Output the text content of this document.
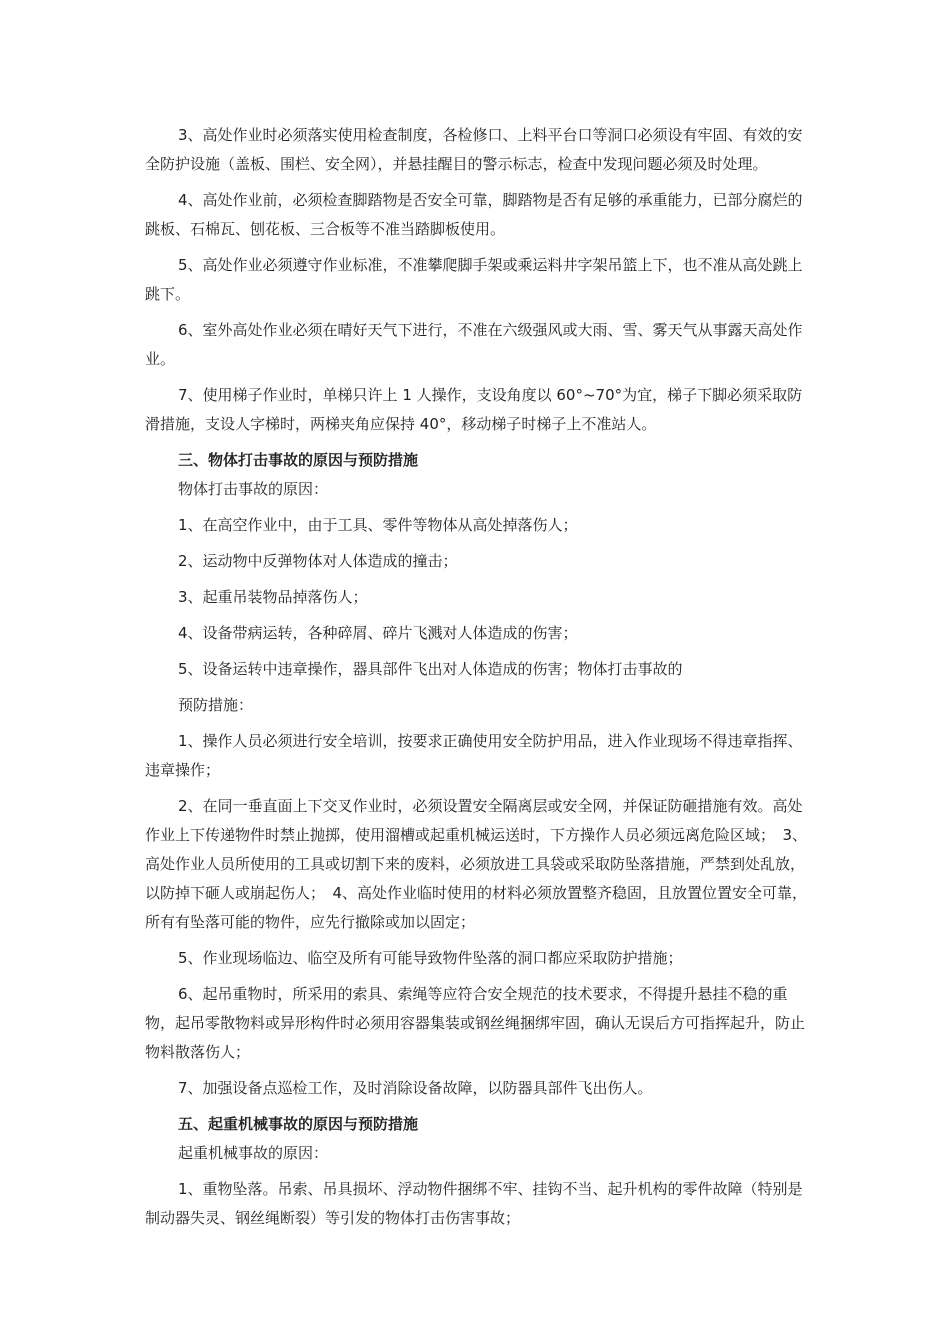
3、高处作业时必须落实使用检查制度，各检修口、上料平台口等洞口必须设有牢固、有效的安全防护设施（盖板、围栏、安全网），并悬挂醒目的警示标志，检查中发现问题必须及时处理。

4、高处作业前，必须检查脚踏物是否安全可靠，脚踏物是否有足够的承重能力，已部分腐烂的跳板、石棉瓦、刨花板、三合板等不准当踏脚板使用。

5、高处作业必须遵守作业标准，不准攀爬脚手架或乘运料井字架吊篮上下，也不准从高处跳上跳下。

6、室外高处作业必须在晴好天气下进行，不准在六级强风或大雨、雪、雾天气从事露天高处作业。

7、使用梯子作业时，单梯只许上 1 人操作，支设角度以 60°~70°为宜，梯子下脚必须采取防滑措施，支设人字梯时，两梯夹角应保持 40°，移动梯子时梯子上不准站人。

三、物体打击事故的原因与预防措施
物体打击事故的原因：

1、在高空作业中，由于工具、零件等物体从高处掉落伤人；

2、运动物中反弹物体对人体造成的撞击；

3、起重吊装物品掉落伤人；

4、设备带病运转，各种碎屑、碎片飞溅对人体造成的伤害；

5、设备运转中违章操作，器具部件飞出对人体造成的伤害；物体打击事故的

预防措施：

1、操作人员必须进行安全培训，按要求正确使用安全防护用品，进入作业现场不得违章指挥、违章操作；

2、在同一垂直面上下交叉作业时，必须设置安全隔离层或安全网，并保证防砸措施有效。高处作业上下传递物件时禁止抛掷，使用溜槽或起重机械运送时，下方操作人员必须远离危险区域；　3、高处作业人员所使用的工具或切割下来的废料，必须放进工具袋或采取防坠落措施，严禁到处乱放，以防掉下砸人或崩起伤人；　4、高处作业临时使用的材料必须放置整齐稳固，且放置位置安全可靠，所有有坠落可能的物件，应先行撤除或加以固定；

5、作业现场临边、临空及所有可能导致物件坠落的洞口都应采取防护措施；

6、起吊重物时，所采用的索具、索绳等应符合安全规范的技术要求，不得提升悬挂不稳的重物，起吊零散物料或异形构件时必须用容器集装或钢丝绳捆绑牢固，确认无误后方可指挥起升，防止物料散落伤人；

7、加强设备点巡检工作，及时消除设备故障，以防器具部件飞出伤人。

五、起重机械事故的原因与预防措施
起重机械事故的原因：

1、重物坠落。吊索、吊具损坏、浮动物件捆绑不牢、挂钩不当、起升机构的零件故障（特别是制动器失灵、钢丝绳断裂）等引发的物体打击伤害事故；
